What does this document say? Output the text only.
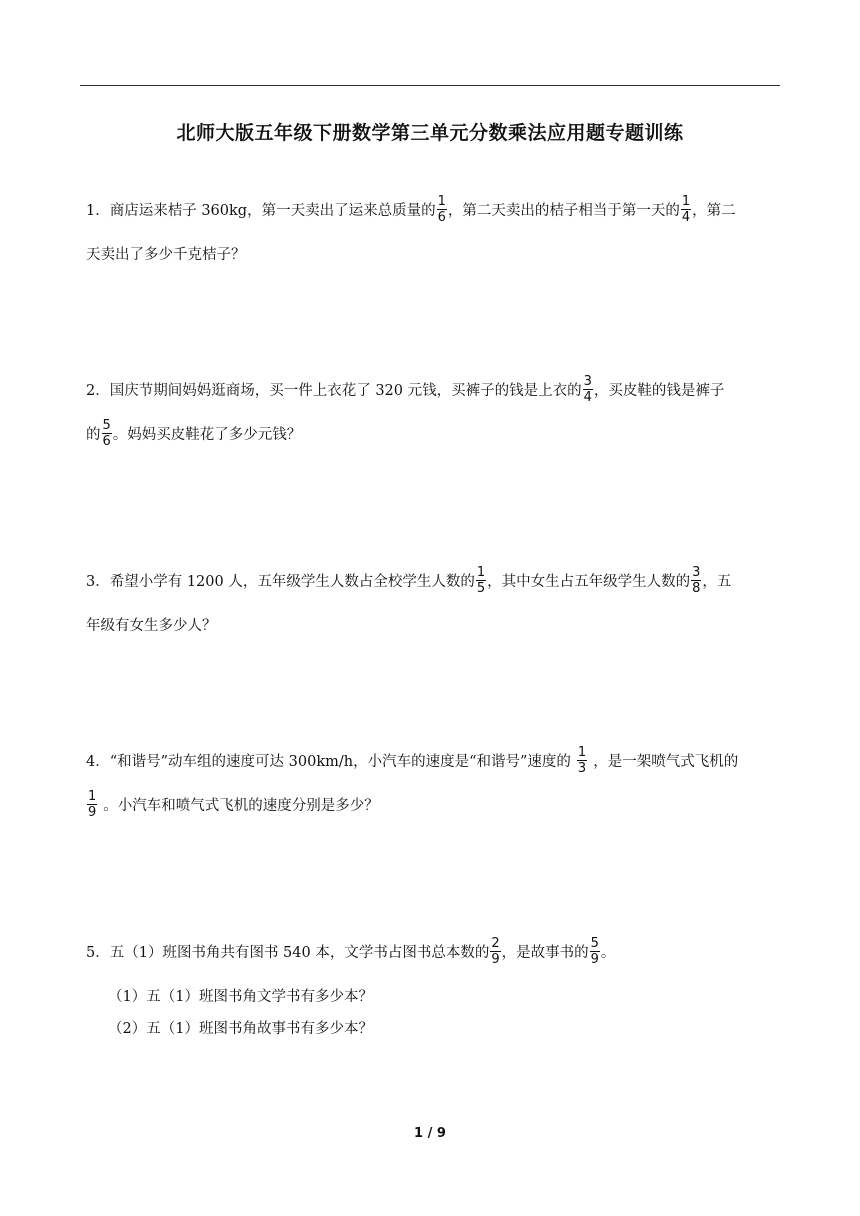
北师大版五年级下册数学第三单元分数乘法应用题专题训练
1．商店运来桔子 360kg，第一天卖出了运来总质量的 $\frac{1}{6}$ ，第二天卖出的桔子相当于第一天的 $\frac{1}{4}$ ，第二
天卖出了多少千克桔子？
2．国庆节期间妈妈逛商场，买一件上衣花了 320 元钱，买裤子的钱是上衣的 $\frac{3}{4}$ ，买皮鞋的钱是裤子
的 $\frac{5}{6}$ 。妈妈买皮鞋花了多少元钱？
3．希望小学有 1200 人，五年级学生人数占全校学生人数的 $\frac{1}{5}$ ，其中女生占五年级学生人数的 $\frac{3}{8}$ ，五
年级有女生多少人？
4．“和谐号”动车组的速度可达 300km/h，小汽车的速度是“和谐号”速度的 $\frac{1}{3}$ ，是一架喷气式飞机的
$\frac{1}{9}$ 。小汽车和喷气式飞机的速度分别是多少？
5．五（1）班图书角共有图书 540 本，文学书占图书总本数的 $\frac{2}{9}$ ，是故事书的 $\frac{5}{9}$ 。
（1）五（1）班图书角文学书有多少本？
（2）五（1）班图书角故事书有多少本？
1 / 9
